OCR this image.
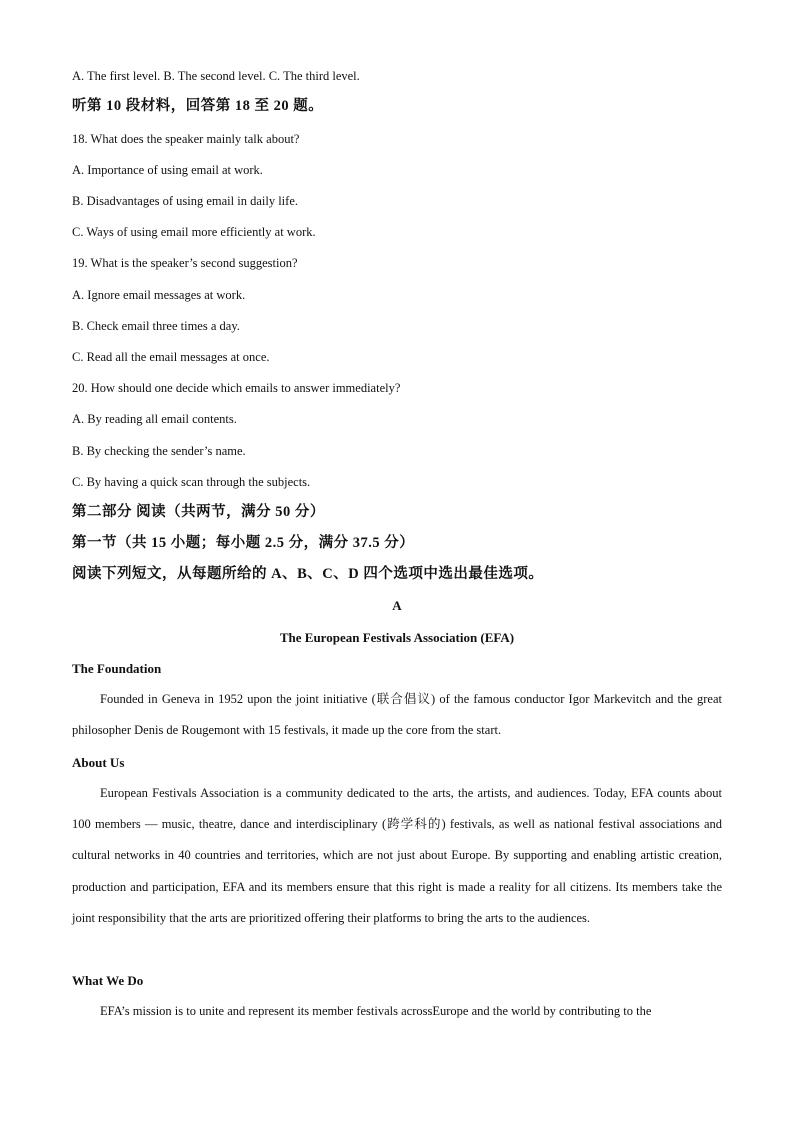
A. The first level. B. The second level. C. The third level.
听第 10 段材料，回答第 18 至 20 题。
18. What does the speaker mainly talk about?
A. Importance of using email at work.
B. Disadvantages of using email in daily life.
C. Ways of using email more efficiently at work.
19. What is the speaker’s second suggestion?
A. Ignore email messages at work.
B. Check email three times a day.
C. Read all the email messages at once.
20. How should one decide which emails to answer immediately?
A. By reading all email contents.
B. By checking the sender’s name.
C. By having a quick scan through the subjects.
第二部分 阅读（共两节，满分 50 分）
第一节（共 15 小题；每小题 2.5 分，满分 37.5 分）
阅读下列短文，从每题所给的 A、B、C、D 四个选项中选出最佳选项。
A
The European Festivals Association (EFA)
The Foundation

Founded in Geneva in 1952 upon the joint initiative (联合倡议) of the famous conductor Igor Markevitch and the great philosopher Denis de Rougemont with 15 festivals, it made up the core from the start.

About Us

European Festivals Association is a community dedicated to the arts, the artists, and audiences. Today, EFA counts about 100 members — music, theatre, dance and interdisciplinary (跨学科的) festivals, as well as national festival associations and cultural networks in 40 countries and territories, which are not just about Europe. By supporting and enabling artistic creation, production and participation, EFA and its members ensure that this right is made a reality for all citizens. Its members take the joint responsibility that the arts are prioritized offering their platforms to bring the arts to the audiences.

What We Do

EFA’s mission is to unite and represent its member festivals acrossEurope and the world by contributing to the
